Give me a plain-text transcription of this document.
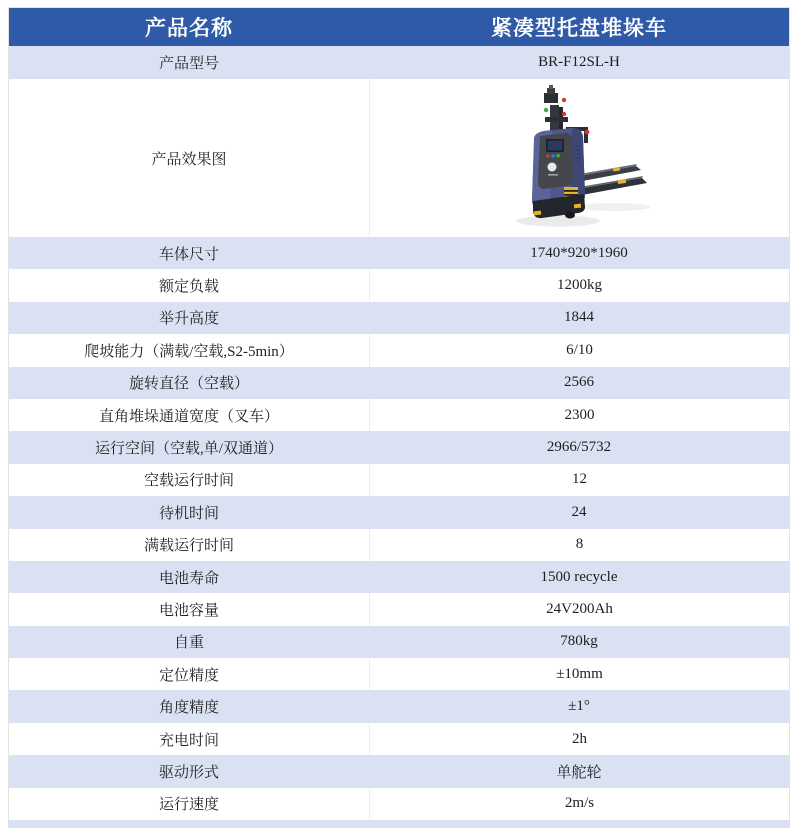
产品名称	紧凑型托盘堆垛车
产品型号	BR-F12SL-H
产品效果图
车体尺寸	1740*920*1960
额定负载	1200kg
举升高度	1844
爬坡能力（满载/空载,S2-5min）	6/10
旋转直径（空载）	2566
直角堆垛通道宽度（叉车）	2300
运行空间（空载,单/双通道）	2966/5732
空载运行时间	12
待机时间	24
满载运行时间	8
电池寿命	1500 recycle
电池容量	24V200Ah
自重	780kg
定位精度	±10mm
角度精度	±1°
充电时间	2h
驱动形式	单舵轮
运行速度	2m/s
